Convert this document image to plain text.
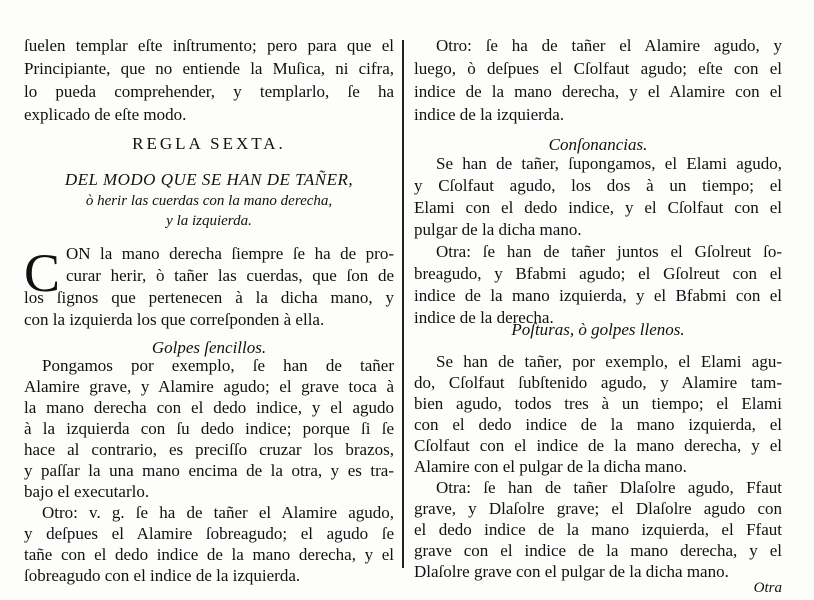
ſuelen templar eſte inſtrumento; pero para que el
Principiante, que no entiende la Muſica, ni cifra,
lo pueda comprehender, y templarlo, ſe ha
explicado de eſte modo.
REGLA SEXTA.
DEL MODO QUE SE HAN DE TAÑER,
ò herir las cuerdas con la mano derecha,
y la izquierda.
C ON la mano derecha ſiempre ſe ha de pro-
curar herir, ò tañer las cuerdas, que ſon de
los ſignos que pertenecen à la dicha mano, y
con la izquierda los que correſponden à ella.
Golpes ſencillos.
Pongamos por exemplo, ſe han de tañer
Alamire grave, y Alamire agudo; el grave toca à
la mano derecha con el dedo indice, y el agudo
à la izquierda con ſu dedo indice; porque ſi ſe
hace al contrario, es preciſſo cruzar los brazos,
y paſſar la una mano encima de la otra, y es tra-
bajo el executarlo.
Otro: v. g. ſe ha de tañer el Alamire agudo,
y deſpues el Alamire ſobreagudo; el agudo ſe
tañe con el dedo indice de la mano derecha, y el
ſobreagudo con el indice de la izquierda.
Otro: ſe ha de tañer el Alamire agudo, y
luego, ò deſpues el Cſolfaut agudo; eſte con el
indice de la mano derecha, y el Alamire con el
indice de la izquierda.
Conſonancias.
Se han de tañer, ſupongamos, el Elami agudo,
y Cſolfaut agudo, los dos à un tiempo; el
Elami con el dedo indice, y el Cſolfaut con el
pulgar de la dicha mano.
Otra: ſe han de tañer juntos el Gſolreut ſo-
breagudo, y Bfabmi agudo; el Gſolreut con el
indice de la mano izquierda, y el Bfabmi con el
indice de la derecha.
Poſturas, ò golpes llenos.
Se han de tañer, por exemplo, el Elami agu-
do, Cſolfaut ſubſtenido agudo, y Alamire tam-
bien agudo, todos tres à un tiempo; el Elami
con el dedo indice de la mano izquierda, el
Cſolfaut con el indice de la mano derecha, y el
Alamire con el pulgar de la dicha mano.
Otra: ſe han de tañer Dlaſolre agudo, Ffaut
grave, y Dlaſolre grave; el Dlaſolre agudo con
el dedo indice de la mano izquierda, el Ffaut
grave con el indice de la mano derecha, y el
Dlaſolre grave con el pulgar de la dicha mano.
Otra
